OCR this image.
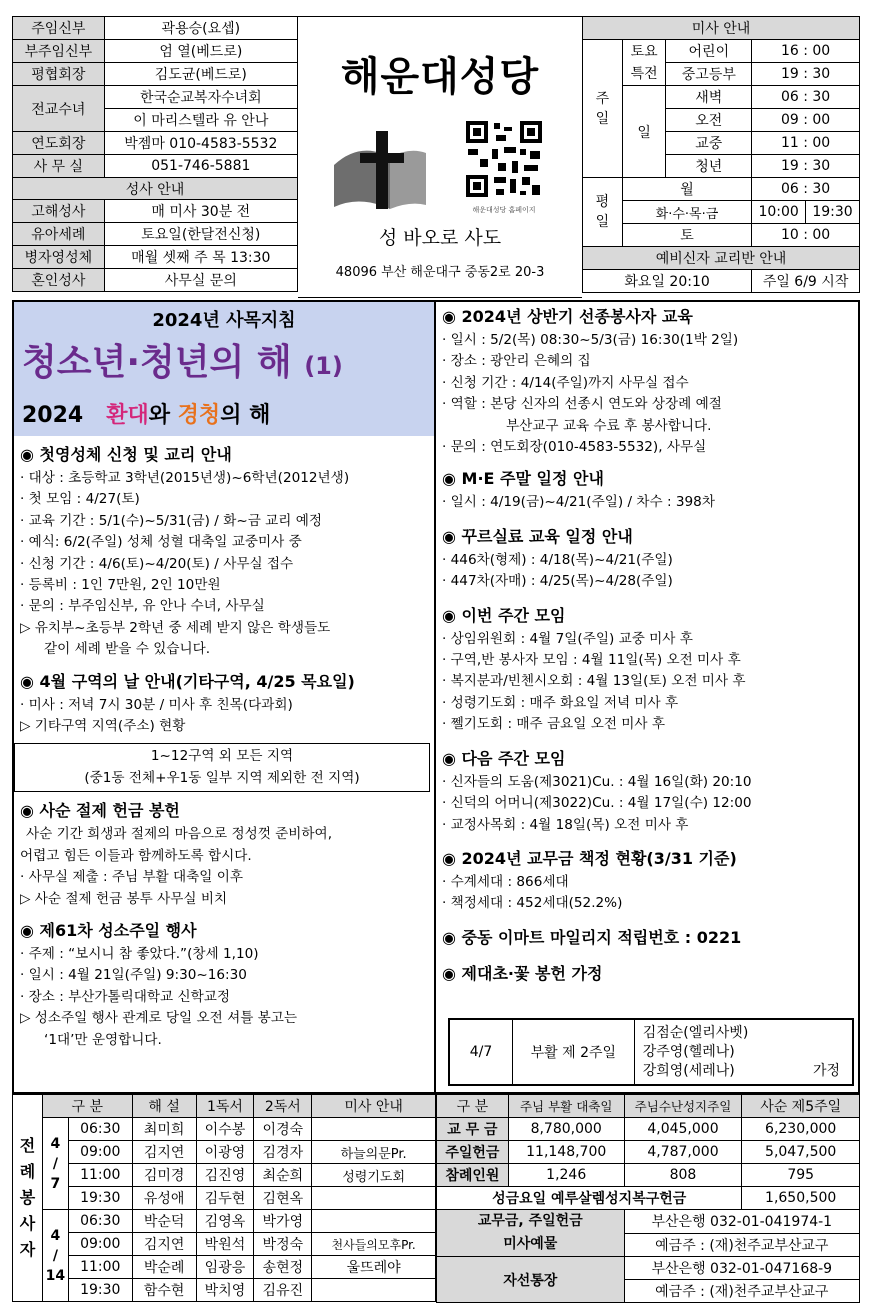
주임신부	곽용승(요셉)
부주임신부	엄 열(베드로)
평협회장	김도균(베드로)
전교수녀	한국순교복자수녀회
	이 마리스텔라 유 안나
연도회장	박젬마 010-4583-5532
사 무 실	051-746-5881
성사 안내	
고해성사	매 미사 30분 전
유아세례	토요일(한달전신청)
병자영성체	매월 셋째 주 목 13:30
혼인성사	사무실 문의
해운대성당
해운대성당 홈페이지
성 바오로 사도
48096 부산 해운대구 중동2로 20-3
미사 안내				
주
일	토요
특전	어린이	16 : 00	
		중고등부	19 : 30	
	일	새벽	06 : 30	
		오전	09 : 00	
		교중	11 : 00	
		청년	19 : 30	
평
일	월		06 : 30	
	화·수·목·금		10:00	19:30
	토		10 : 00	
예비신자 교리반 안내				
화요일 20:10			주일 6/9 시작	
2024년 사목지침
청소년·청년의 해 (1)
2024 환대와 경청의 해
◉ 첫영성체 신청 및 교리 안내
· 대상 : 초등학교 3학년(2015년생)~6학년(2012년생)
· 첫 모임 : 4/27(토)
· 교육 기간 : 5/1(수)~5/31(금) / 화~금 교리 예정
· 예식: 6/2(주일) 성체 성혈 대축일 교중미사 중
· 신청 기간 : 4/6(토)~4/20(토) / 사무실 접수
· 등록비 : 1인 7만원, 2인 10만원
· 문의 : 부주임신부, 유 안나 수녀, 사무실
▷ 유치부~초등부 2학년 중 세례 받지 않은 학생들도
같이 세례 받을 수 있습니다.
◉ 4월 구역의 날 안내(기타구역, 4/25 목요일)
· 미사 : 저녁 7시 30분 / 미사 후 친목(다과회)
▷ 기타구역 지역(주소) 현황
1~12구역 외 모든 지역
(중1동 전체+우1동 일부 지역 제외한 전 지역)
◉ 사순 절제 헌금 봉헌
사순 기간 희생과 절제의 마음으로 정성껏 준비하여,
어렵고 힘든 이들과 함께하도록 합시다.
· 사무실 제출 : 주님 부활 대축일 이후
▷ 사순 절제 헌금 봉투 사무실 비치
◉ 제61차 성소주일 행사
· 주제 : “보시니 참 좋았다.”(창세 1,10)
· 일시 : 4월 21일(주일) 9:30~16:30
· 장소 : 부산가톨릭대학교 신학교정
▷ 성소주일 행사 관계로 당일 오전 셔틀 봉고는
‘1대’만 운영합니다.
◉ 2024년 상반기 선종봉사자 교육
· 일시 : 5/2(목) 08:30~5/3(금) 16:30(1박 2일)
· 장소 : 광안리 은혜의 집
· 신청 기간 : 4/14(주일)까지 사무실 접수
· 역할 : 본당 신자의 선종시 연도와 상장례 예절
부산교구 교육 수료 후 봉사합니다.
· 문의 : 연도회장(010-4583-5532), 사무실
◉ M·E 주말 일정 안내
· 일시 : 4/19(금)~4/21(주일) / 차수 : 398차
◉ 꾸르실료 교육 일정 안내
· 446차(형제) : 4/18(목)~4/21(주일)
· 447차(자매) : 4/25(목)~4/28(주일)
◉ 이번 주간 모임
· 상임위원회 : 4월 7일(주일) 교중 미사 후
· 구역,반 봉사자 모임 : 4월 11일(목) 오전 미사 후
· 복지분과/빈첸시오회 : 4월 13일(토) 오전 미사 후
· 성령기도회 : 매주 화요일 저녁 미사 후
· 쩰기도회 : 매주 금요일 오전 미사 후
◉ 다음 주간 모임
· 신자들의 도움(제3021)Cu. : 4월 16일(화) 20:10
· 신덕의 어머니(제3022)Cu. : 4월 17일(수) 12:00
· 교정사목회 : 4월 18일(목) 오전 미사 후
◉ 2024년 교무금 책정 현황(3/31 기준)
· 수계세대 : 866세대
· 책정세대 : 452세대(52.2%)
◉ 중동 이마트 마일리지 적립번호 : 0221
◉ 제대초·꽃 봉헌 가정
4/7	부활 제 2주일	
김점순(엘리사벳)
강주영(헬레나)
강희영(세레나)	가정
전
례
봉
사
자	구 분		해 설	1독서	2독서	미사 안내
	4
/
7	06:30	최미희	이수봉	이경숙	
		09:00	김지연	이광영	김경자	하늘의문Pr.
		11:00	김미경	김진영	최순희	성령기도회
		19:30	유성애	김두현	김현옥	
	4
/
14	06:30	박순덕	김영옥	박가영	
		09:00	김지연	박원석	박정숙	천사들의모후Pr.
		11:00	박순례	임광응	송현정	울뜨레야
		19:30	함수현	박치영	김유진	
구 분	주님 부활 대축일	주님수난성지주일	사순 제5주일
교 무 금	8,780,000	4,045,000	6,230,000
주일헌금	11,148,700	4,787,000	5,047,500
참례인원	1,246	808	795
성금요일 예루살렘성지복구헌금			1,650,500

교무금, 주일헌금
미사예물		부산은행 032-01-041974-1	
		예금주 : (재)천주교부산교구	
자선통장		부산은행 032-01-047168-9	
		예금주 : (재)천주교부산교구	
